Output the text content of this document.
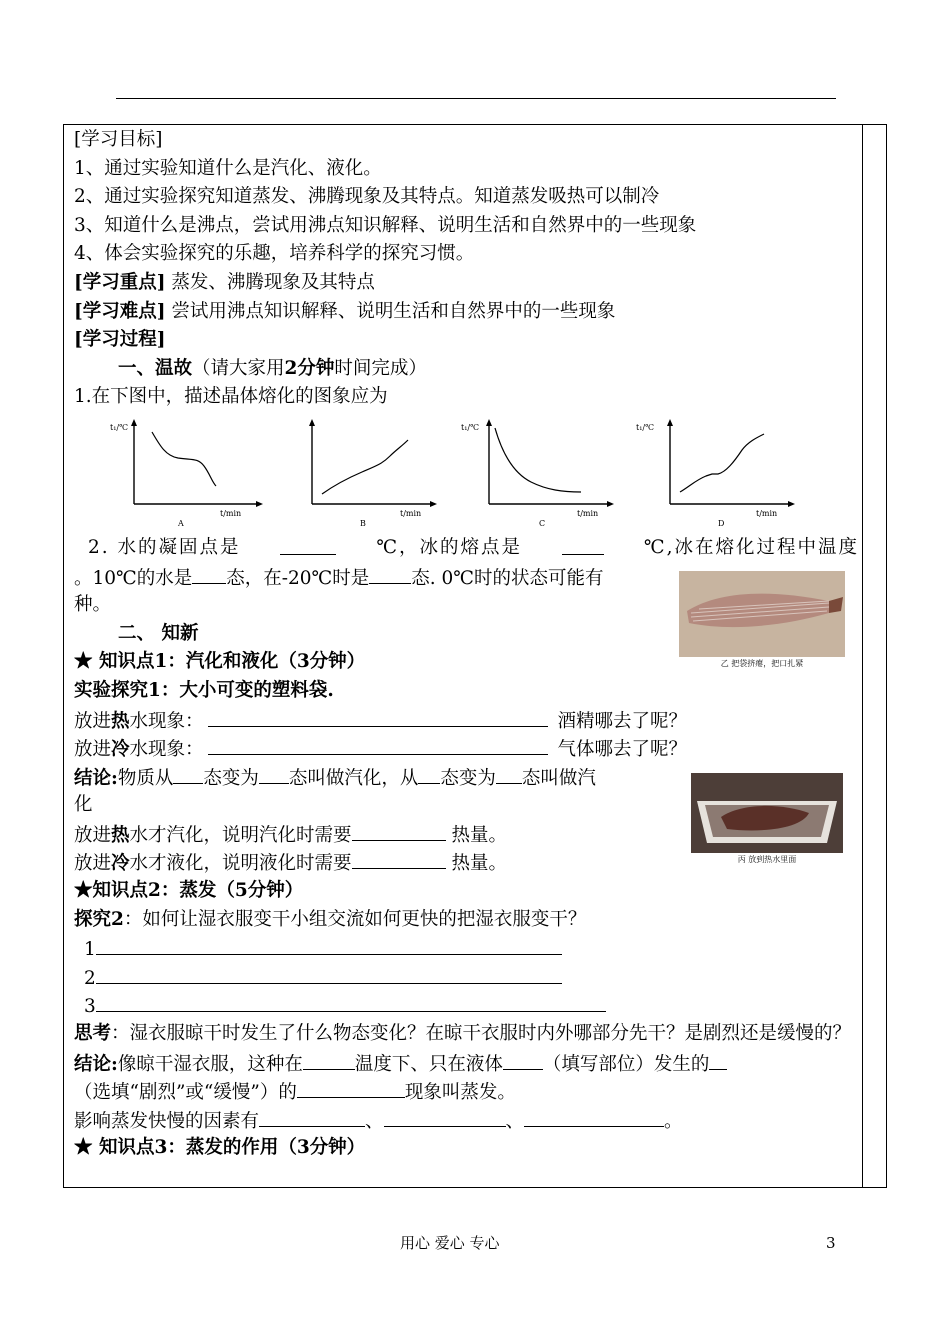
[学习目标]
1、通过实验知道什么是汽化、液化。
2、通过实验探究知道蒸发、沸腾现象及其特点。知道蒸发吸热可以制冷
3、知道什么是沸点，尝试用沸点知识解释、说明生活和自然界中的一些现象
4、体会实验探究的乐趣，培养科学的探究习惯。
[学习重点] 蒸发、沸腾现象及其特点
[学习难点] 尝试用沸点知识解释、说明生活和自然界中的一些现象
[学习过程]
一、温故（请大家用2分钟时间完成）
1.在下图中，描述晶体熔化的图象应为
t₁/℃
t/min
A
t/min
B
t₁/℃
t/min
C
t₁/℃
t/min
D
2. 水的凝固点是	℃，冰的熔点是	℃,冰在熔化过程中温度
。10℃的水是 态，在-20℃时是 态. 0℃时的状态可能有
种。
二、 知新
★ 知识点1：汽化和液化（3分钟）
实验探究1：大小可变的塑料袋.
放进热水现象：	酒精哪去了呢？
放进冷水现象：	气体哪去了呢？
结论:物质从 态变为 态叫做汽化，从 态变为 态叫做汽
化
放进热水才汽化，说明汽化时需要	热量。
放进冷水才液化，说明液化时需要	热量。
★知识点2：蒸发（5分钟）
探究2：如何让湿衣服变干小组交流如何更快的把湿衣服变干？
1
2
3
思考：湿衣服晾干时发生了什么物态变化？在晾干衣服时内外哪部分先干？是剧烈还是缓慢的？
结论:像晾干湿衣服，这种在	温度下、只在液体 （填写部位）发生的
（选填“剧烈”或“缓慢”）的	现象叫蒸发。
影响蒸发快慢的因素有	、	、	。
★ 知识点3：蒸发的作用（3分钟）
乙 把袋挤瘪，把口扎紧
丙 放到热水里面
用心 爱心 专心	3
